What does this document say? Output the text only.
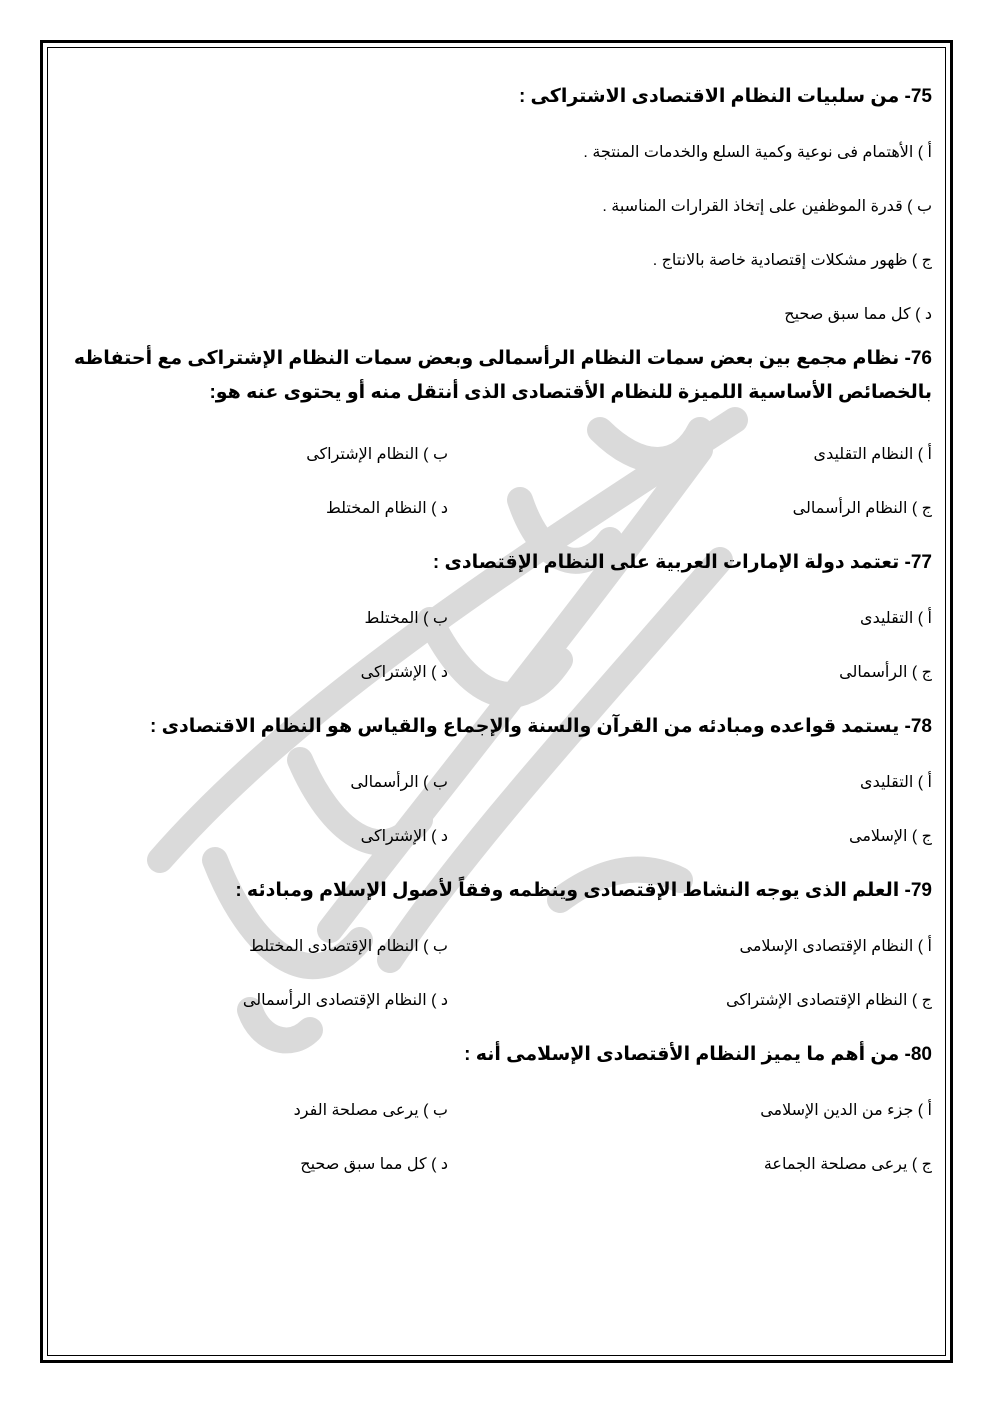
75- من سلبيات النظام الاقتصادى الاشتراكى :

أ ) الأهتمام فى نوعية وكمية السلع والخدمات المنتجة .

ب ) قدرة الموظفين على إتخاذ القرارات المناسبة .

ج ) ظهور مشكلات إقتصادية خاصة بالانتاج .

د ) كل مما سبق صحيح

76- نظام مجمع بين بعض سمات النظام الرأسمالى وبعض سمات النظام الإشتراكى مع أحتفاظه بالخصائص الأساسية اللميزة للنظام الأقتصادى الذى أنتقل منه أو يحتوى عنه هو:

أ ) النظام التقليدى
ب ) النظام الإشتراكى
ج ) النظام الرأسمالى
د ) النظام المختلط

77- تعتمد دولة الإمارات العربية على النظام الإقتصادى :

أ ) التقليدى
ب ) المختلط
ج ) الرأسمالى
د ) الإشتراكى

78- يستمد قواعده ومبادئه من القرآن والسنة والإجماع والقياس هو النظام الاقتصادى :

أ ) التقليدى
ب ) الرأسمالى
ج ) الإسلامى
د ) الإشتراكى

79- العلم الذى يوجه النشاط الإقتصادى وينظمه وفقاً لأصول الإسلام ومبادئه :

أ ) النظام الإقتصادى الإسلامى
ب ) النظام الإقتصادى المختلط
ج ) النظام الإقتصادى الإشتراكى
د ) النظام الإقتصادى الرأسمالى

80- من أهم ما يميز النظام الأقتصادى الإسلامى أنه :

أ ) جزء من الدين الإسلامى
ب ) يرعى مصلحة الفرد
ج ) يرعى مصلحة الجماعة
د ) كل مما سبق صحيح
